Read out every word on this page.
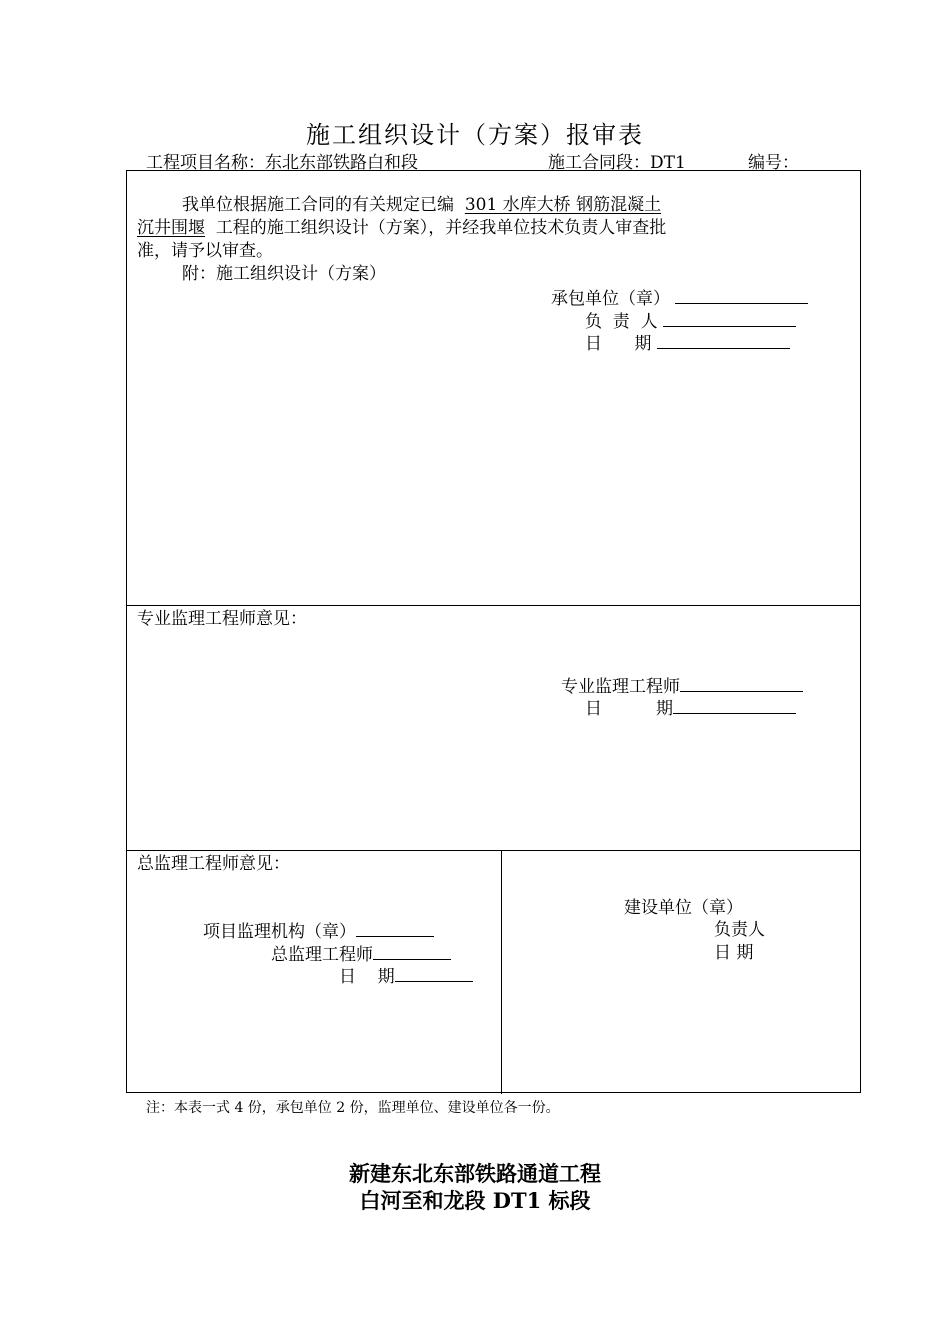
施工组织设计（方案）报审表
工程项目名称：东北东部铁路白和段	施工合同段：DT1	编号：
我单位根据施工合同的有关规定已编 301 水库大桥 钢筋混凝土
沉井围堰 工程的施工组织设计（方案），并经我单位技术负责人审查批
准，请予以审查。
附：施工组织设计（方案）
承包单位（章）
负  责  人
日      期
专业监理工程师意见：
专业监理工程师
日          期
总监理工程师意见：
项目监理机构（章）
总监理工程师
日    期
建设单位（章）
负责人
日 期
注：本表一式 4 份，承包单位 2 份，监理单位、建设单位各一份。
新建东北东部铁路通道工程
白河至和龙段 DT1 标段
